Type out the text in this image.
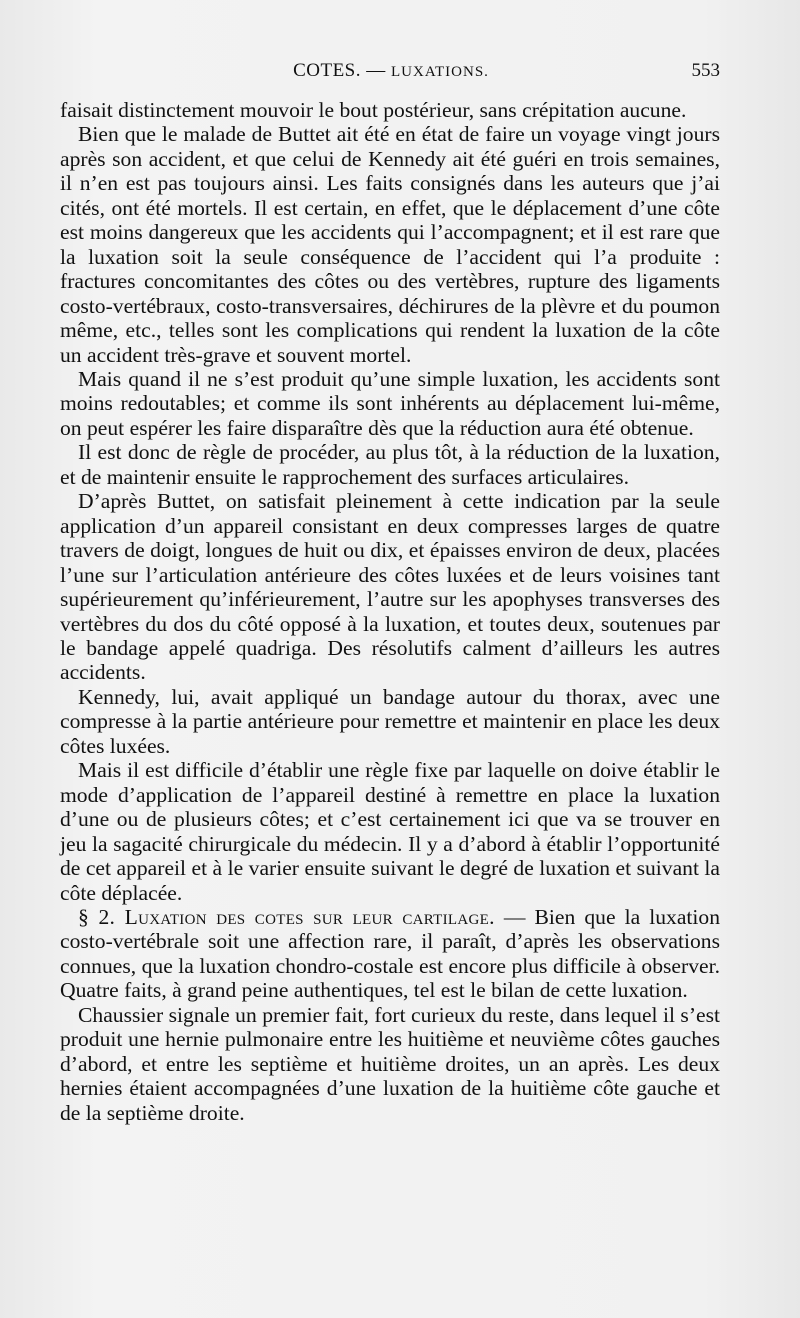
COTES. — LUXATIONS.	553

faisait distinctement mouvoir le bout postérieur, sans crépitation aucune.

Bien que le malade de Buttet ait été en état de faire un voyage vingt jours après son accident, et que celui de Kennedy ait été guéri en trois semaines, il n’en est pas toujours ainsi. Les faits consignés dans les auteurs que j’ai cités, ont été mortels. Il est certain, en effet, que le déplacement d’une côte est moins dangereux que les accidents qui l’accompagnent; et il est rare que la luxation soit la seule conséquence de l’accident qui l’a produite : fractures concomitantes des côtes ou des vertèbres, rupture des ligaments costo-vertébraux, costo-transversaires, déchirures de la plèvre et du poumon même, etc., telles sont les complications qui rendent la luxation de la côte un accident très-grave et souvent mortel.

Mais quand il ne s’est produit qu’une simple luxation, les accidents sont moins redoutables; et comme ils sont inhérents au déplacement lui-même, on peut espérer les faire disparaître dès que la réduction aura été obtenue.

Il est donc de règle de procéder, au plus tôt, à la réduction de la luxation, et de maintenir ensuite le rapprochement des surfaces articulaires.

D’après Buttet, on satisfait pleinement à cette indication par la seule application d’un appareil consistant en deux compresses larges de quatre travers de doigt, longues de huit ou dix, et épaisses environ de deux, placées l’une sur l’articulation antérieure des côtes luxées et de leurs voisines tant supérieurement qu’inférieurement, l’autre sur les apophyses transverses des vertèbres du dos du côté opposé à la luxation, et toutes deux, soutenues par le bandage appelé quadriga. Des résolutifs calment d’ailleurs les autres accidents.

Kennedy, lui, avait appliqué un bandage autour du thorax, avec une compresse à la partie antérieure pour remettre et maintenir en place les deux côtes luxées.

Mais il est difficile d’établir une règle fixe par laquelle on doive établir le mode d’application de l’appareil destiné à remettre en place la luxation d’une ou de plusieurs côtes; et c’est certainement ici que va se trouver en jeu la sagacité chirurgicale du médecin. Il y a d’abord à établir l’opportunité de cet appareil et à le varier ensuite suivant le degré de luxation et suivant la côte déplacée.

§ 2. Luxation des cotes sur leur cartilage. — Bien que la luxation costo-vertébrale soit une affection rare, il paraît, d’après les observations connues, que la luxation chondro-costale est encore plus difficile à observer. Quatre faits, à grand peine authentiques, tel est le bilan de cette luxation.

Chaussier signale un premier fait, fort curieux du reste, dans lequel il s’est produit une hernie pulmonaire entre les huitième et neuvième côtes gauches d’abord, et entre les septième et huitième droites, un an après. Les deux hernies étaient accompagnées d’une luxation de la huitième côte gauche et de la septième droite.
